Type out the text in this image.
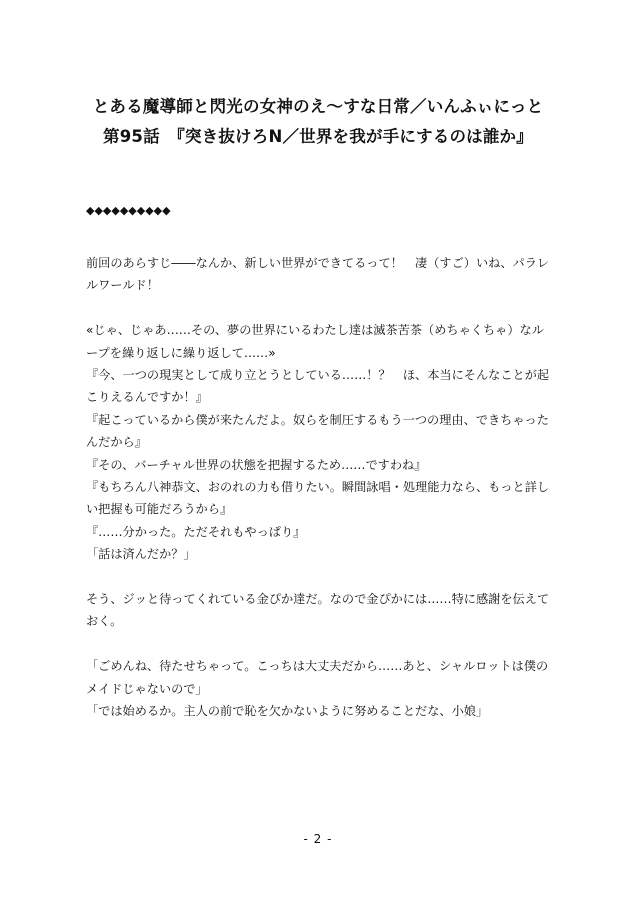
とある魔導師と閃光の女神のえ～すな日常／いんふぃにっと
第95話　『突き抜けろN／世界を我が手にするのは誰か』
◆◆◆◆◆◆◆◆◆◆

前回のあらすじ――なんか、新しい世界ができてるって！　凄（すご）いね、パラレルワールド！

«じゃ、じゃあ……その、夢の世界にいるわたし達は滅茶苦茶（めちゃくちゃ）なループを繰り返しに繰り返して……»

『今、一つの現実として成り立とうとしている……！？　ほ、本当にそんなことが起こりえるんですか！』

『起こっているから僕が来たんだよ。奴らを制圧するもう一つの理由、できちゃったんだから』

『その、バーチャル世界の状態を把握するため……ですわね』

『もちろん八神恭文、おのれの力も借りたい。瞬間詠唱・処理能力なら、もっと詳しい把握も可能だろうから』

『……分かった。ただそれもやっぱり』

「話は済んだか？」

そう、ジッと待ってくれている金ぴか達だ。なので金ぴかには……特に感謝を伝えておく。

「ごめんね、待たせちゃって。こっちは大丈夫だから……あと、シャルロットは僕のメイドじゃないので」

「では始めるか。主人の前で恥を欠かないように努めることだな、小娘」

- 2 -
